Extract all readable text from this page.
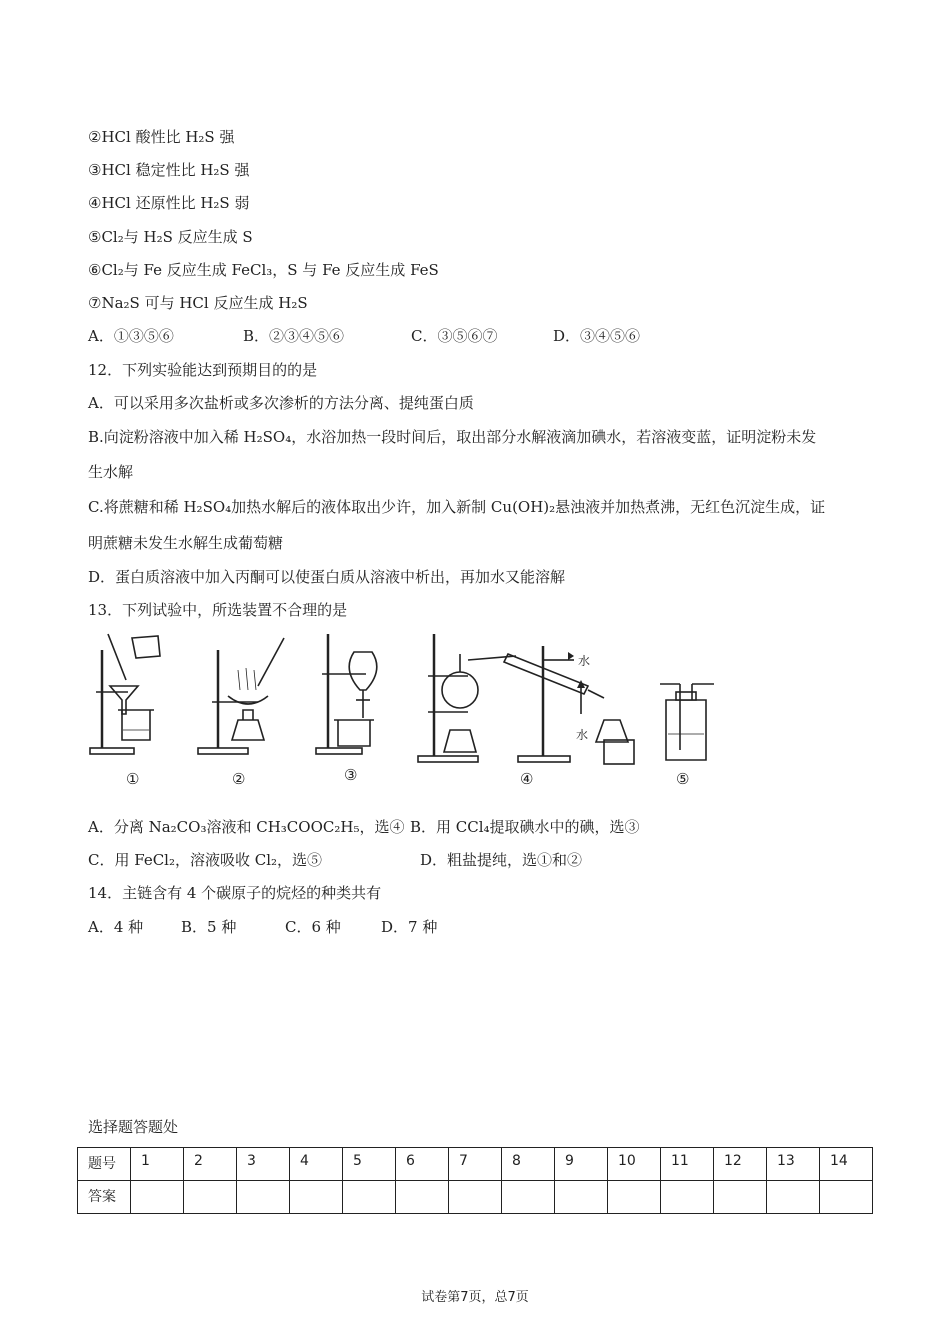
②HCl 酸性比 H₂S 强
③HCl 稳定性比 H₂S 强
④HCl 还原性比 H₂S 弱
⑤Cl₂与 H₂S 反应生成 S
⑥Cl₂与 Fe 反应生成 FeCl₃，S 与 Fe 反应生成 FeS
⑦Na₂S 可与 HCl 反应生成 H₂S
A．①③⑤⑥	B．②③④⑤⑥	C．③⑤⑥⑦	D．③④⑤⑥
12．下列实验能达到预期目的的是
A．可以采用多次盐析或多次渗析的方法分离、提纯蛋白质
B.向淀粉溶液中加入稀 H₂SO₄，水浴加热一段时间后，取出部分水解液滴加碘水，若溶液变蓝，证明淀粉未发
生水解
C.将蔗糖和稀 H₂SO₄加热水解后的液体取出少许，加入新制 Cu(OH)₂悬浊液并加热煮沸，无红色沉淀生成，证
明蔗糖未发生水解生成葡萄糖
D．蛋白质溶液中加入丙酮可以使蛋白质从溶液中析出，再加水又能溶解
13．下列试验中，所选装置不合理的是
水
水
①	②	③	④	⑤
A．分离 Na₂CO₃溶液和 CH₃COOC₂H₅，选④ B．用 CCl₄提取碘水中的碘，选③
C．用 FeCl₂，溶液吸收 Cl₂，选⑤	D．粗盐提纯，选①和②
14．主链含有 4 个碳原子的烷烃的种类共有
A．4 种	B．5 种	C．6 种	D．7 种
选择题答题处
题号	1	2	3	4	5	6	7	8	9	10	11	12	13	14
答案														
试卷第7页，总7页
